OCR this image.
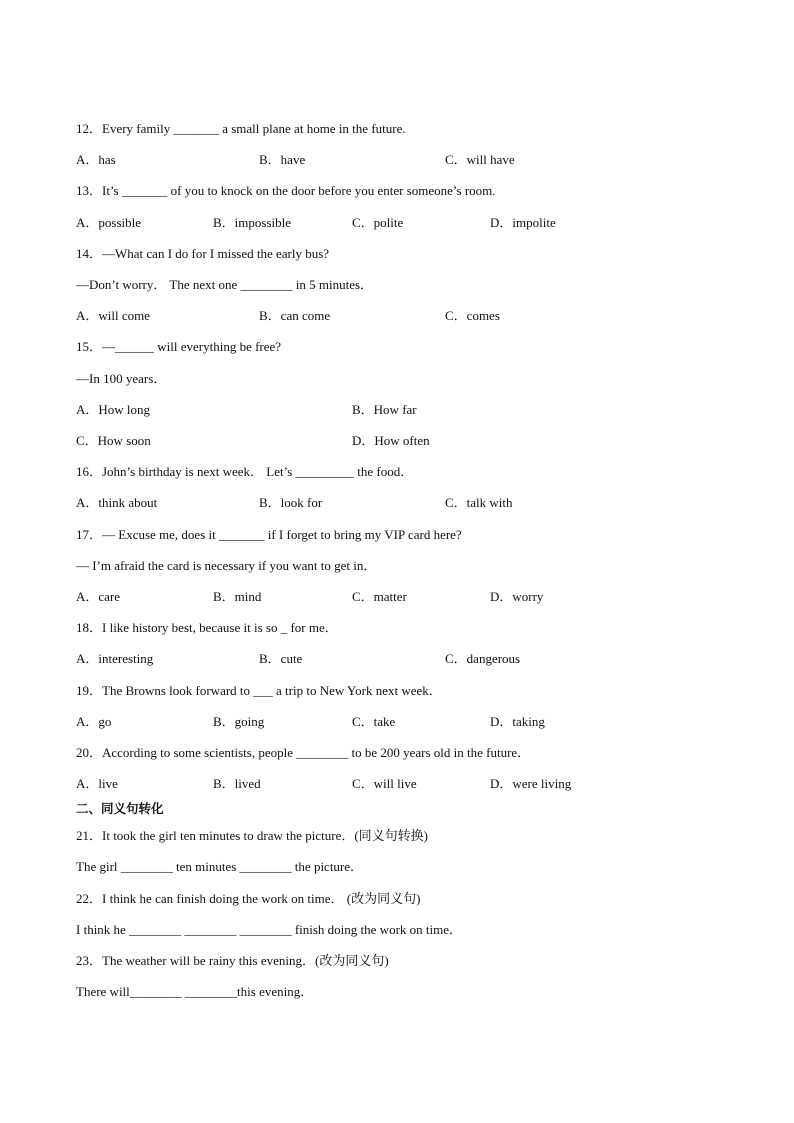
12．Every family _______ a small plane at home in the future.
A．has	B．have	C．will have
13．It’s _______ of you to knock on the door before you enter someone’s room.
A．possible	B．impossible	C．polite	D．impolite
14．—What can I do for I missed the early bus?
—Don’t worry． The next one ________ in 5 minutes．
A．will come	B．can come	C．comes
15．—______ will everything be free?
—In 100 years．
A．How long	B．How far
C．How soon	D．How often
16．John’s birthday is next week． Let’s _________ the food．
A．think about	B．look for	C．talk with
17．— Excuse me, does it _______ if I forget to bring my VIP card here?
— I’m afraid the card is necessary if you want to get in．
A．care	B．mind	C．matter	D．worry
18．I like history best, because it is so _ for me．
A．interesting	B．cute	C．dangerous
19．The Browns look forward to ___ a trip to New York next week．
A．go	B．going	C．take	D．taking
20．According to some scientists, people ________ to be 200 years old in the future．
A．live	B．lived	C．will live	D．were living
二、同义句转化
21．It took the girl ten minutes to draw the picture．(同义句转换)
The girl ________ ten minutes ________ the picture．
22．I think he can finish doing the work on time． (改为同义句)
I think he ________ ________ ________ finish doing the work on time．
23．The weather will be rainy this evening．(改为同义句)
There will________ ________this evening．
